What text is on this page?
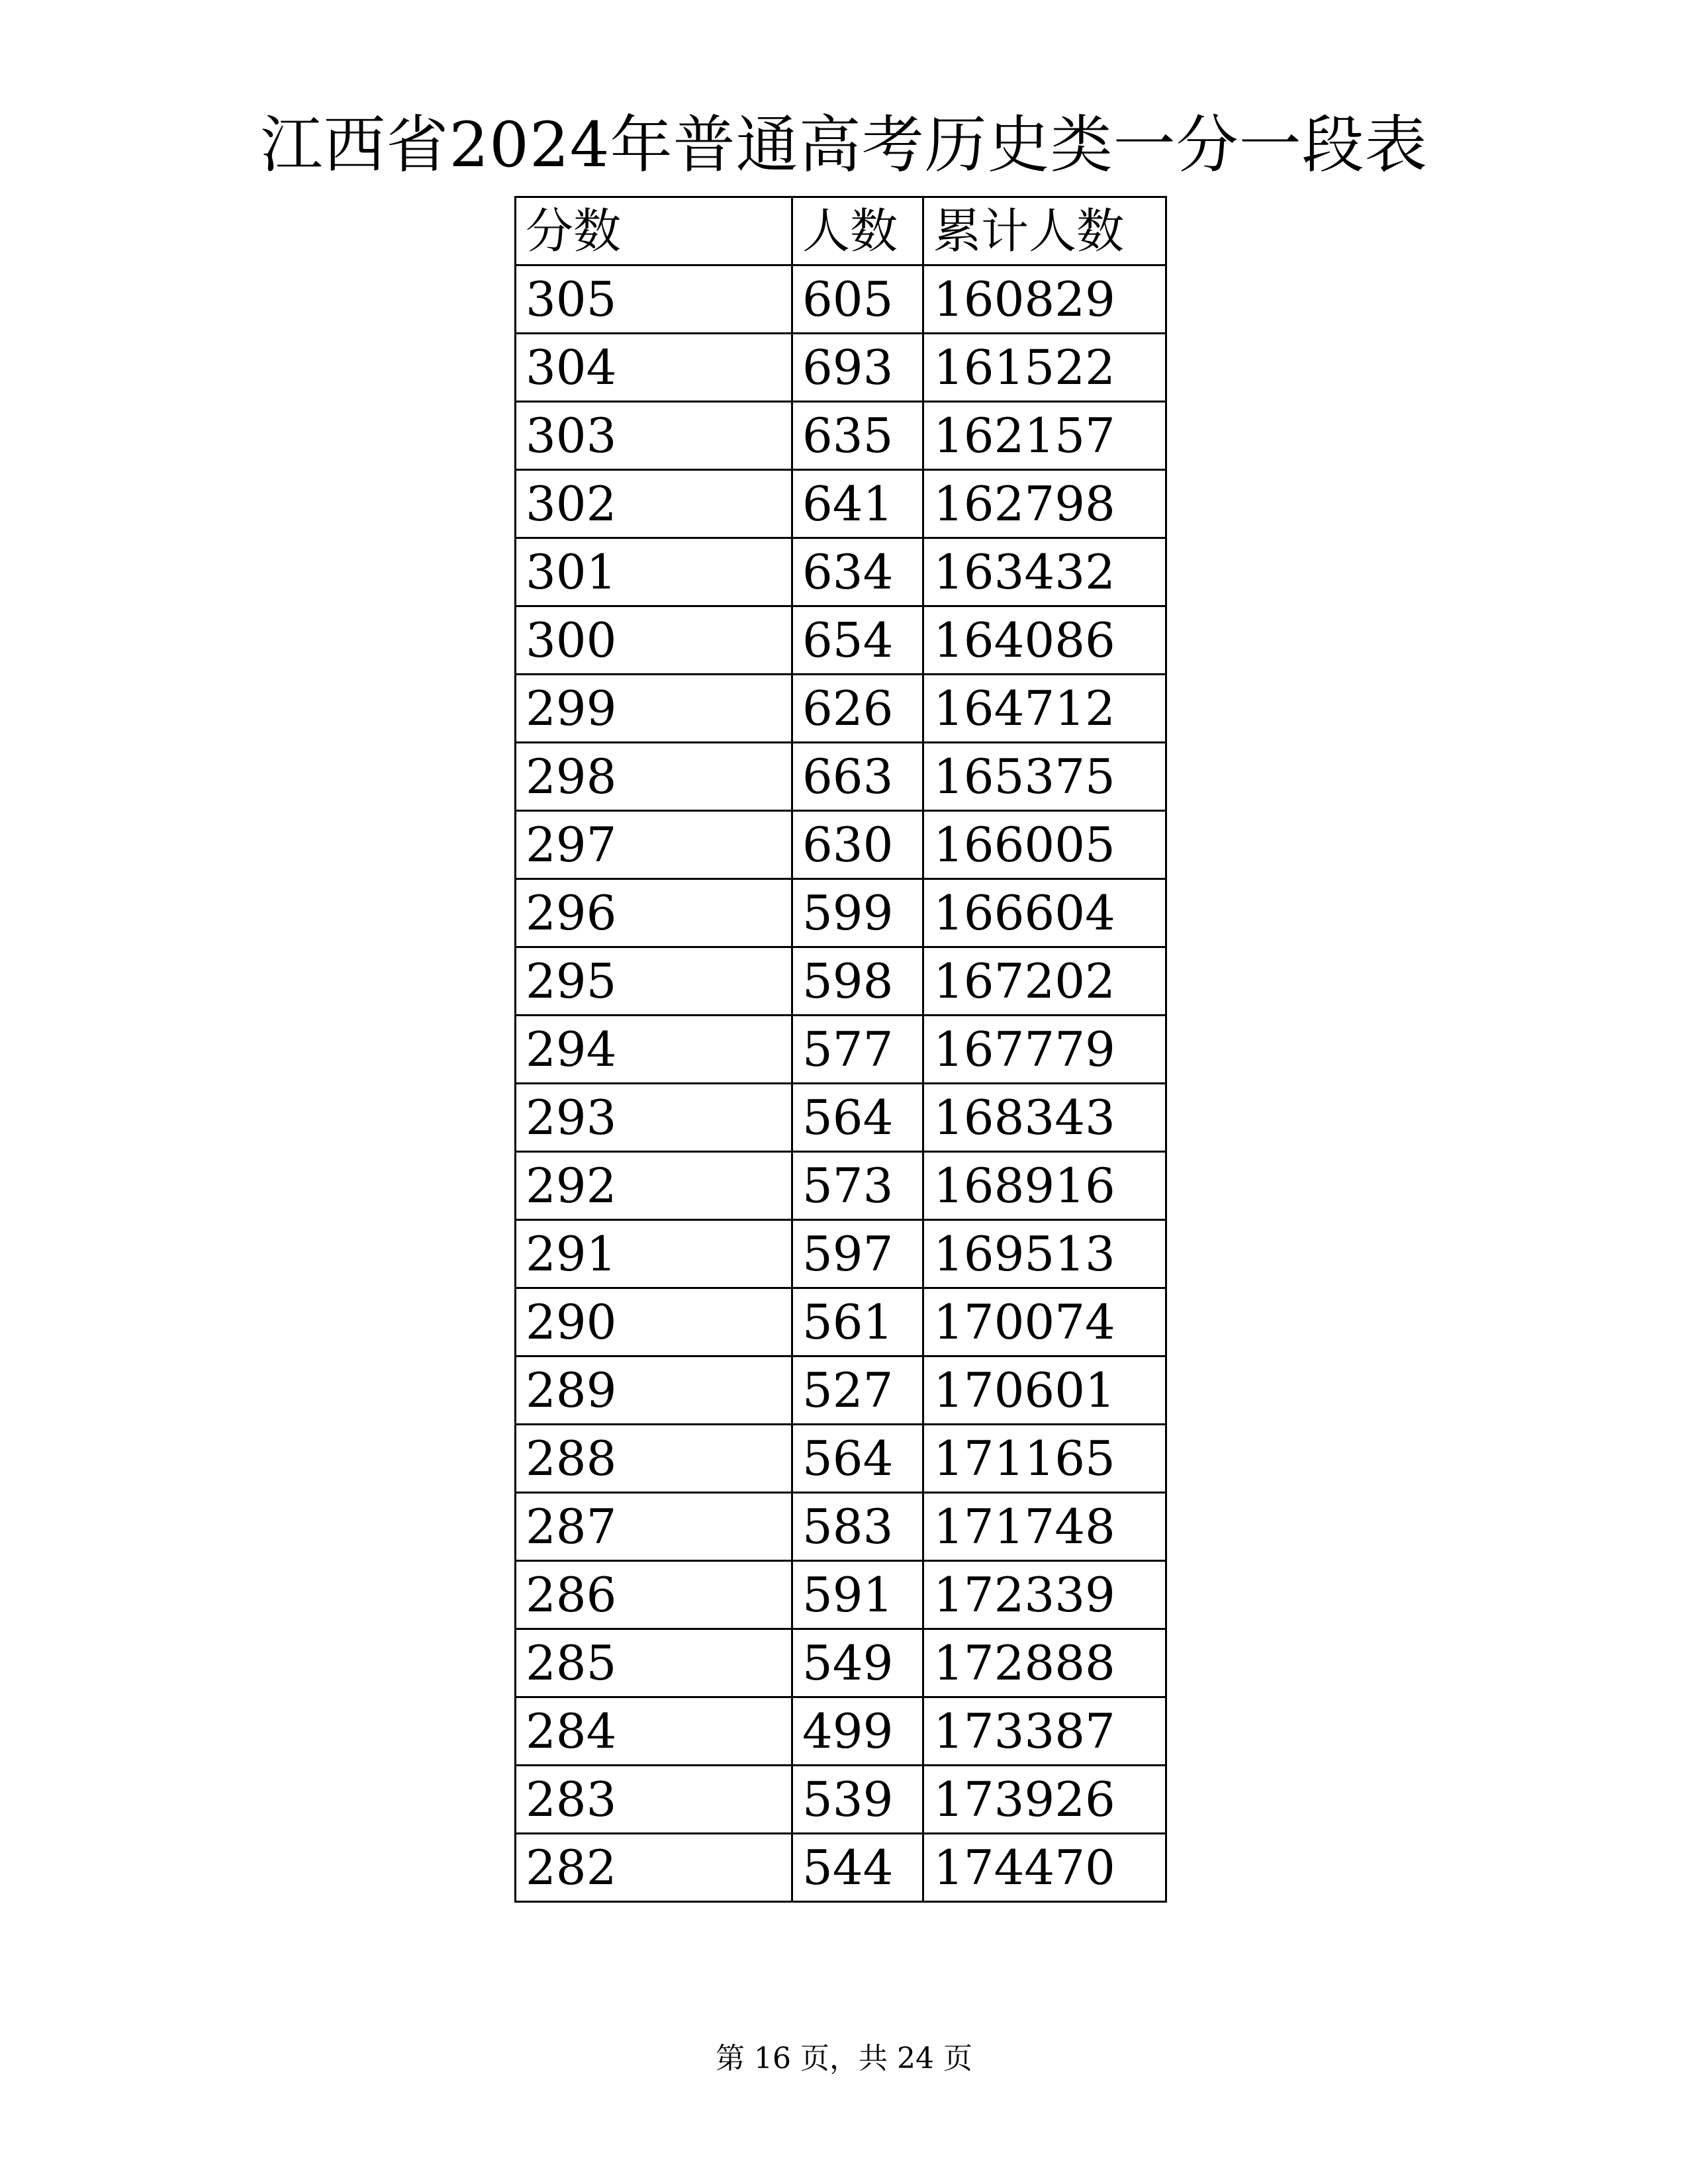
江西省2024年普通高考历史类一分一段表
分数	人数	累计人数
305	605	160829
304	693	161522
303	635	162157
302	641	162798
301	634	163432
300	654	164086
299	626	164712
298	663	165375
297	630	166005
296	599	166604
295	598	167202
294	577	167779
293	564	168343
292	573	168916
291	597	169513
290	561	170074
289	527	170601
288	564	171165
287	583	171748
286	591	172339
285	549	172888
284	499	173387
283	539	173926
282	544	174470
第 16 页，共 24 页
